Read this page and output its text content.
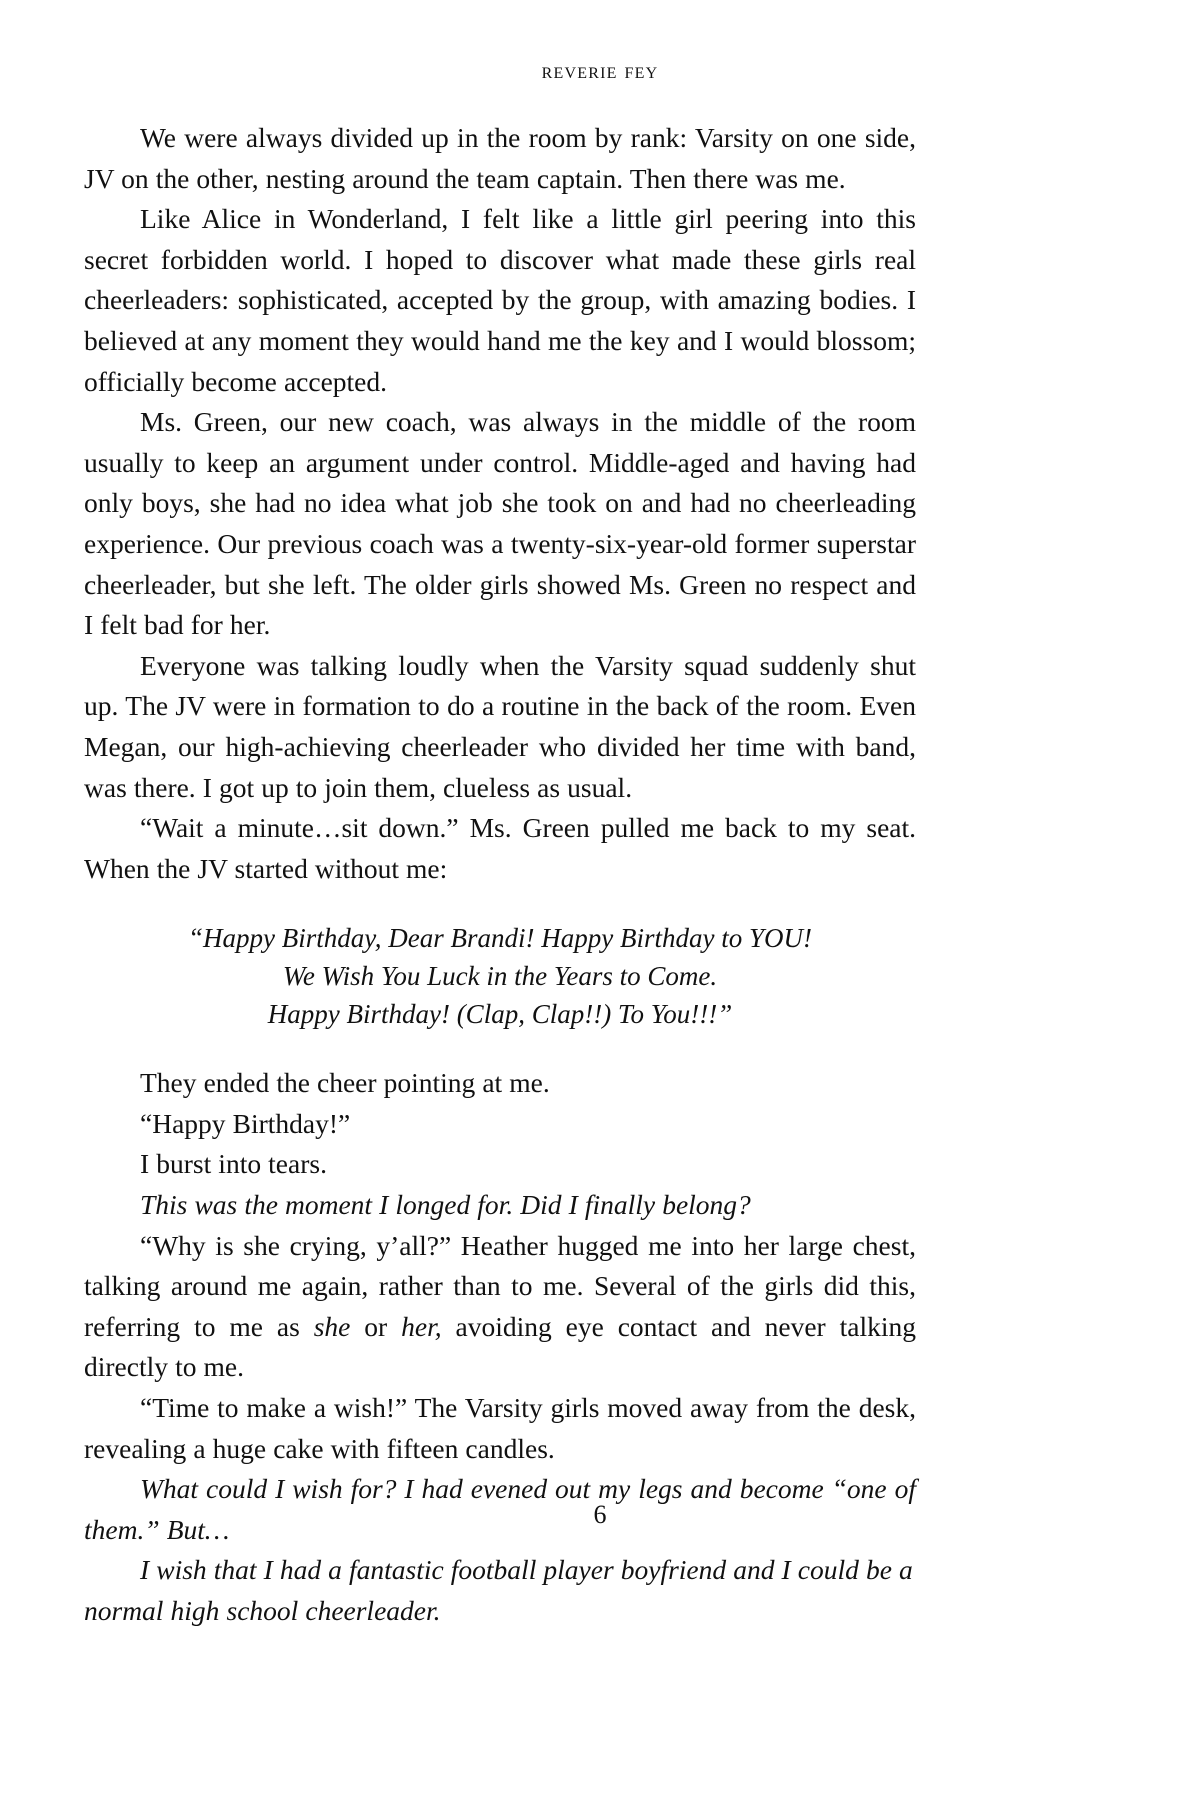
reverie fey

We were always divided up in the room by rank: Varsity on one side, JV on the other, nesting around the team captain. Then there was me.

Like Alice in Wonderland, I felt like a little girl peering into this secret forbidden world. I hoped to discover what made these girls real cheerleaders: sophisticated, accepted by the group, with amazing bodies. I believed at any moment they would hand me the key and I would blossom; officially become accepted.

Ms. Green, our new coach, was always in the middle of the room usually to keep an argument under control. Middle-aged and having had only boys, she had no idea what job she took on and had no cheerleading experience. Our previous coach was a twenty-six-year-old former superstar cheerleader, but she left. The older girls showed Ms. Green no respect and I felt bad for her.

Everyone was talking loudly when the Varsity squad suddenly shut up. The JV were in formation to do a routine in the back of the room. Even Megan, our high-achieving cheerleader who divided her time with band, was there. I got up to join them, clueless as usual.

“Wait a minute…sit down.” Ms. Green pulled me back to my seat. When the JV started without me:

“Happy Birthday, Dear Brandi! Happy Birthday to YOU!
We Wish You Luck in the Years to Come.
Happy Birthday! (Clap, Clap!!) To You!!!”

They ended the cheer pointing at me.

“Happy Birthday!”

I burst into tears.

This was the moment I longed for. Did I finally belong?

“Why is she crying, y’all?” Heather hugged me into her large chest, talking around me again, rather than to me. Several of the girls did this, referring to me as she or her, avoiding eye contact and never talking directly to me.

“Time to make a wish!” The Varsity girls moved away from the desk, revealing a huge cake with fifteen candles.

What could I wish for? I had evened out my legs and become “one of them.” But…

I wish that I had a fantastic football player boyfriend and I could be a normal high school cheerleader.

6
